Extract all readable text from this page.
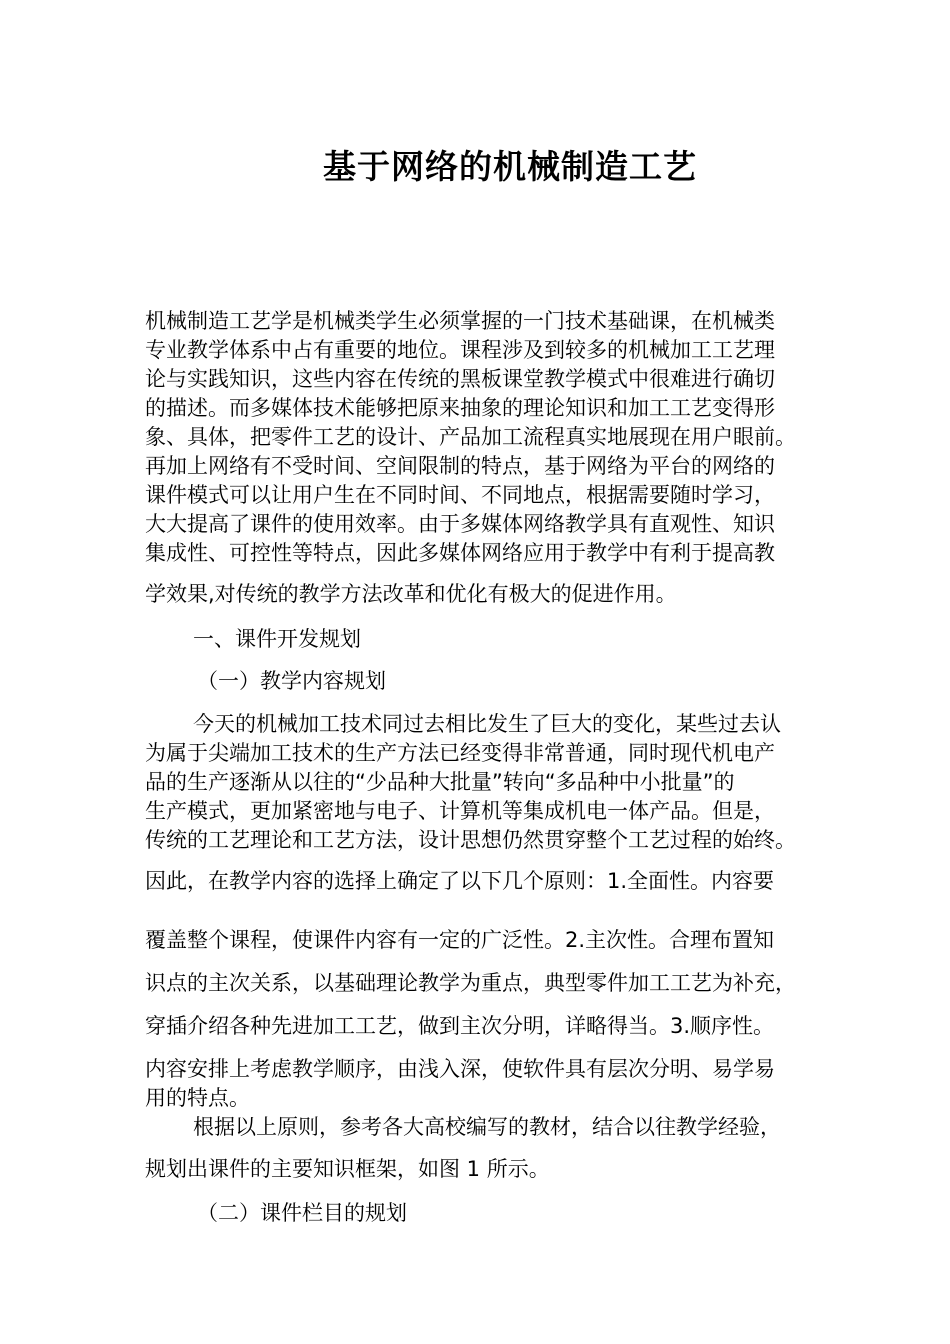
基于网络的机械制造工艺
机械制造工艺学是机械类学生必须掌握的一门技术基础课，在机械类
专业教学体系中占有重要的地位。课程涉及到较多的机械加工工艺理
论与实践知识，这些内容在传统的黑板课堂教学模式中很难进行确切
的描述。而多媒体技术能够把原来抽象的理论知识和加工工艺变得形
象、具体，把零件工艺的设计、产品加工流程真实地展现在用户眼前。
再加上网络有不受时间、空间限制的特点，基于网络为平台的网络的
课件模式可以让用户生在不同时间、不同地点，根据需要随时学习，
大大提高了课件的使用效率。由于多媒体网络教学具有直观性、知识
集成性、可控性等特点，因此多媒体网络应用于教学中有利于提高教
学效果,对传统的教学方法改革和优化有极大的促进作用。
一、课件开发规划
（一）教学内容规划
今天的机械加工技术同过去相比发生了巨大的变化，某些过去认
为属于尖端加工技术的生产方法已经变得非常普通，同时现代机电产
品的生产逐渐从以往的“少品种大批量”转向“多品种中小批量”的
生产模式，更加紧密地与电子、计算机等集成机电一体产品。但是，
传统的工艺理论和工艺方法，设计思想仍然贯穿整个工艺过程的始终。
因此，在教学内容的选择上确定了以下几个原则：1.全面性。内容要
覆盖整个课程，使课件内容有一定的广泛性。2.主次性。合理布置知
识点的主次关系，以基础理论教学为重点，典型零件加工工艺为补充，
穿插介绍各种先进加工工艺，做到主次分明，详略得当。3.顺序性。
内容安排上考虑教学顺序，由浅入深，使软件具有层次分明、易学易
用的特点。
根据以上原则，参考各大高校编写的教材，结合以往教学经验，
规划出课件的主要知识框架，如图 1 所示。
（二）课件栏目的规划
